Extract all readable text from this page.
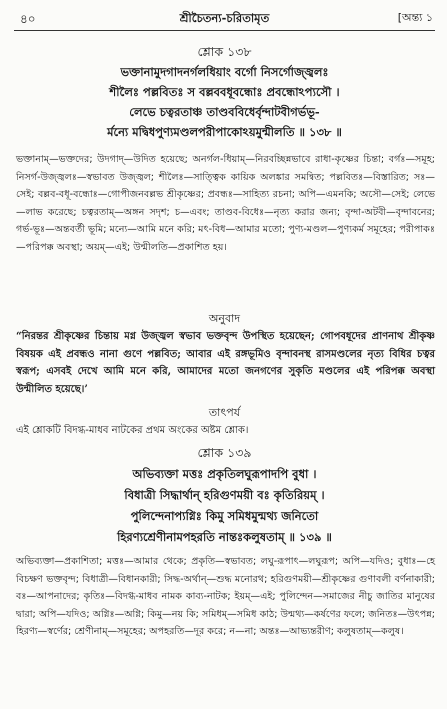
৪০	শ্রীচৈতন্য-চরিতামৃত	[অন্ত্য ১
শ্লোক ১৩৮
ভক্তানামুদগাদনর্গলধিয়াং বর্গো নিসর্গোজ্জ্বলঃ
শীলৈঃ পল্লবিতঃ স বল্লববধূবন্ধোঃ প্রবন্ধোঽপ্যসৌ ।
লেভে চত্বরতাঞ্চ তাণ্ডববিধের্বৃন্দাটবীগর্ভভূ-
র্মন্যে মদ্বিধপুণ্যমণ্ডলপরীপাকোঽয়মুন্মীলতি ॥ ১৩৮ ॥
ভক্তানাম্—ভক্তদের; উদগাদ্—উদিত হয়েছে; অনর্গল-ধিয়াম্—নিরবচ্ছিন্নভাবে রাধা-কৃষ্ণের চিন্তা; বর্গঃ—সমূহ; নিসর্গ-উজ্জ্বলঃ—স্বভাবত উজ্জ্বল; শীলৈঃ—সাত্ত্বিক কায়িক অলঙ্কার সমন্বিত; পল্লবিতঃ—বিস্তারিত; সঃ—সেই; বল্লব-বধূ-বন্ধোঃ—গোপীজনবল্লভ শ্রীকৃষ্ণের; প্রবন্ধঃ—সাহিত্য রচনা; অপি—এমনকি; অসৌ—সেই; লেভে—লাভ করেছে; চত্বরতাম্—অঙ্গন সদৃশ; চ—এবং; তাণ্ডব-বিধেঃ—নৃত্য করার জন্য; বৃন্দা-অটবী—বৃন্দাবনের; গর্ভ-ভূঃ—অন্তবর্তী ভূমি; মন্যে—আমি মনে করি; মৎ-বিধ—আমার মতো; পুণ্য-মণ্ডল—পুণ্যকর্ম সমূহের; পরীপাকঃ—পরিপক্ক অবস্থা; অয়ম্—এই; উন্মীলতি—প্রকাশিত হয়।
অনুবাদ
“নিরন্তর শ্রীকৃষ্ণের চিন্তায় মগ্ন উজ্জ্বল স্বভাব ভক্তবৃন্দ উপস্থিত হয়েছেন; গোপবধূদের প্রাণনাথ শ্রীকৃষ্ণ বিষয়ক এই প্রবন্ধও নানা গুণে পল্লবিত; আবার এই রঙ্গভূমিও বৃন্দাবনস্থ রাসমণ্ডলের নৃত্য বিধির চত্বর স্বরূপ; এসবই দেখে আমি মনে করি, আমাদের মতো জনগণের সুকৃতি মণ্ডলের এই পরিপক্ক অবস্থা উন্মীলিত হয়েছে।’
তাৎপর্য
এই শ্লোকটি বিদগ্ধ-মাধব নাটকের প্রথম অংকের অষ্টম শ্লোক।
শ্লোক ১৩৯
অভিব্যক্তা মত্তঃ প্রকৃতিলঘুরূপাদপি বুধা ।
বিধাত্রী সিদ্ধার্থান্ হরিগুণময়ী বঃ কৃতিরিয়ম্ ।
পুলিন্দেনাপ্যগ্নিঃ কিমু সমিধমুন্মথ্য জনিতো
হিরণ্যশ্রেণীনামপহরতি নান্তঃকলুষতাম্ ॥ ১৩৯ ॥
অভিব্যক্তা—প্রকাশিতা; মত্তঃ—আমার থেকে; প্রকৃতি—স্বভাবত; লঘু-রূপাৎ—লঘুরূপ; অপি—যদিও; বুধাঃ—হে বিচক্ষণ ভক্তবৃন্দ; বিধাত্রী—বিধানকারী; সিদ্ধ-অর্থান্—শুদ্ধ মনোরথ; হরিগুণময়ী—শ্রীকৃষ্ণের গুণাবলী বর্ণনাকারী; বঃ—আপনাদের; কৃতিঃ—বিদগ্ধ-মাধব নামক কাব্য-নাটক; ইয়ম্—এই; পুলিন্দেন—সমাজের নীচু জাতির মানুষের দ্বারা; অপি—যদিও; অগ্নিঃ—অগ্নি; কিমু—নয় কি; সমিধম্—সমিধ কাঠ; উন্মথ্য—কর্ষণের ফলে; জনিতঃ—উৎপন্ন; হিরণ্য—স্বর্ণের; শ্রেণীনাম্—সমূহের; অপহরতি—দূর করে; ন—না; অন্তঃ—আভ্যন্তরীণ; কলুষতাম্—কলুষ।
